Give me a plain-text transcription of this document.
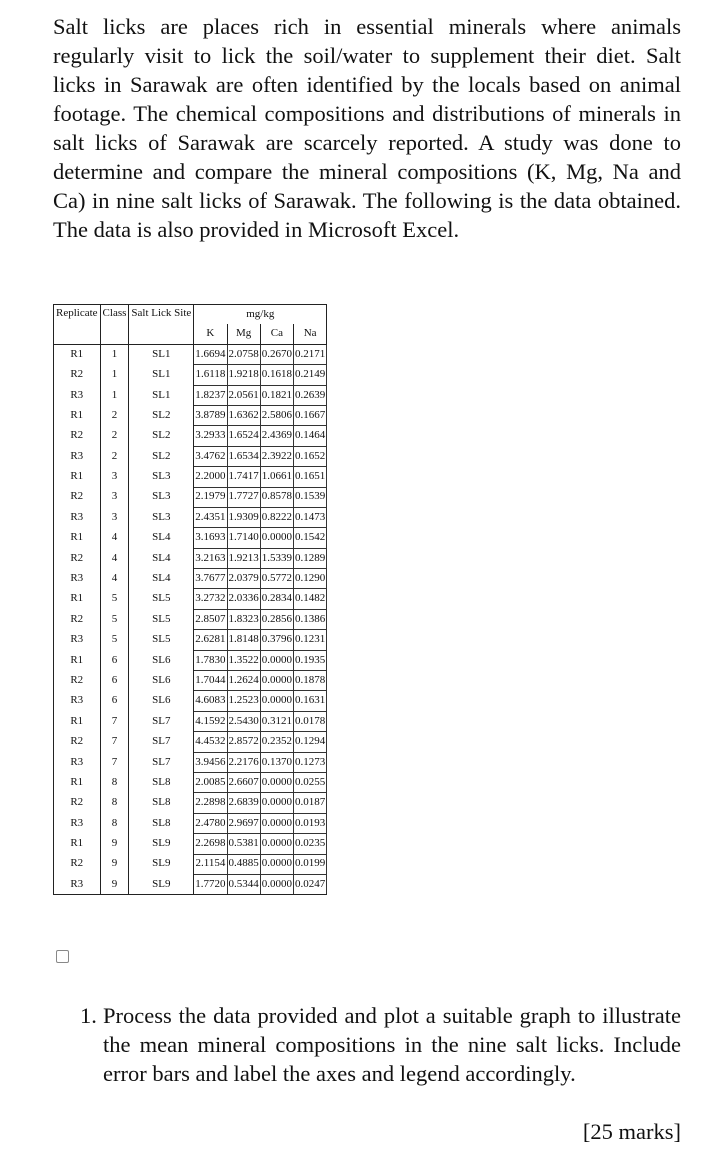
Salt licks are places rich in essential minerals where animals regularly visit to lick the soil/water to supplement their diet. Salt licks in Sarawak are often identified by the locals based on animal footage. The chemical compositions and distributions of minerals in salt licks of Sarawak are scarcely reported. A study was done to determine and compare the mineral compositions (K, Mg, Na and Ca) in nine salt licks of Sarawak. The following is the data obtained. The data is also provided in Microsoft Excel.

Replicate	Class	Salt Lick Site	mg/kg			
			K	Mg	Ca	Na
R1	1	SL1	1.6694	2.0758	0.2670	0.2171
R2	1	SL1	1.6118	1.9218	0.1618	0.2149
R3	1	SL1	1.8237	2.0561	0.1821	0.2639
R1	2	SL2	3.8789	1.6362	2.5806	0.1667
R2	2	SL2	3.2933	1.6524	2.4369	0.1464
R3	2	SL2	3.4762	1.6534	2.3922	0.1652
R1	3	SL3	2.2000	1.7417	1.0661	0.1651
R2	3	SL3	2.1979	1.7727	0.8578	0.1539
R3	3	SL3	2.4351	1.9309	0.8222	0.1473
R1	4	SL4	3.1693	1.7140	0.0000	0.1542
R2	4	SL4	3.2163	1.9213	1.5339	0.1289
R3	4	SL4	3.7677	2.0379	0.5772	0.1290
R1	5	SL5	3.2732	2.0336	0.2834	0.1482
R2	5	SL5	2.8507	1.8323	0.2856	0.1386
R3	5	SL5	2.6281	1.8148	0.3796	0.1231
R1	6	SL6	1.7830	1.3522	0.0000	0.1935
R2	6	SL6	1.7044	1.2624	0.0000	0.1878
R3	6	SL6	4.6083	1.2523	0.0000	0.1631
R1	7	SL7	4.1592	2.5430	0.3121	0.0178
R2	7	SL7	4.4532	2.8572	0.2352	0.1294
R3	7	SL7	3.9456	2.2176	0.1370	0.1273
R1	8	SL8	2.0085	2.6607	0.0000	0.0255
R2	8	SL8	2.2898	2.6839	0.0000	0.0187
R3	8	SL8	2.4780	2.9697	0.0000	0.0193
R1	9	SL9	2.2698	0.5381	0.0000	0.0235
R2	9	SL9	2.1154	0.4885	0.0000	0.0199
R3	9	SL9	1.7720	0.5344	0.0000	0.0247
1. Process the data provided and plot a suitable graph to illustrate the mean mineral compositions in the nine salt licks. Include error bars and label the axes and legend accordingly.
[25 marks]
